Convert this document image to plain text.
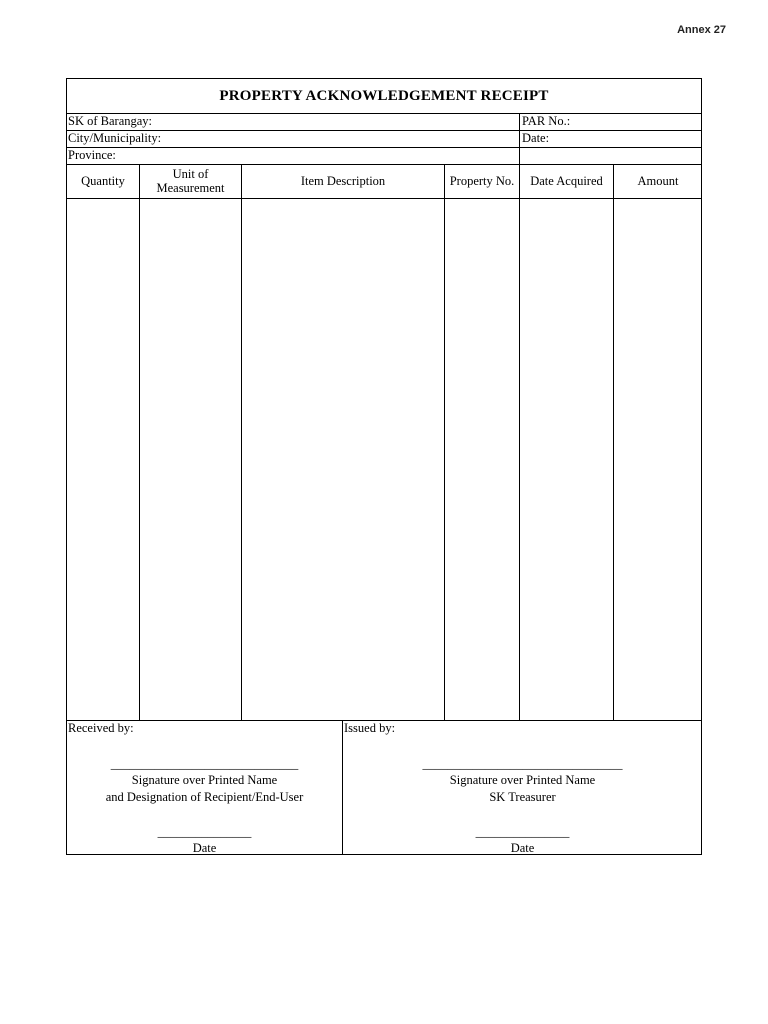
Annex 27
PROPERTY ACKNOWLEDGEMENT RECEIPT
SK of Barangay:	PAR No.:
City/Municipality:	Date:
Province:
Quantity	Unit of Measurement	Item Description	Property No.	Date Acquired	Amount
Received by:
______________________________
Signature over Printed Name
and Designation of Recipient/End-User
_______________
Date
Issued by:
________________________________
Signature over Printed Name
SK Treasurer
_______________
Date
